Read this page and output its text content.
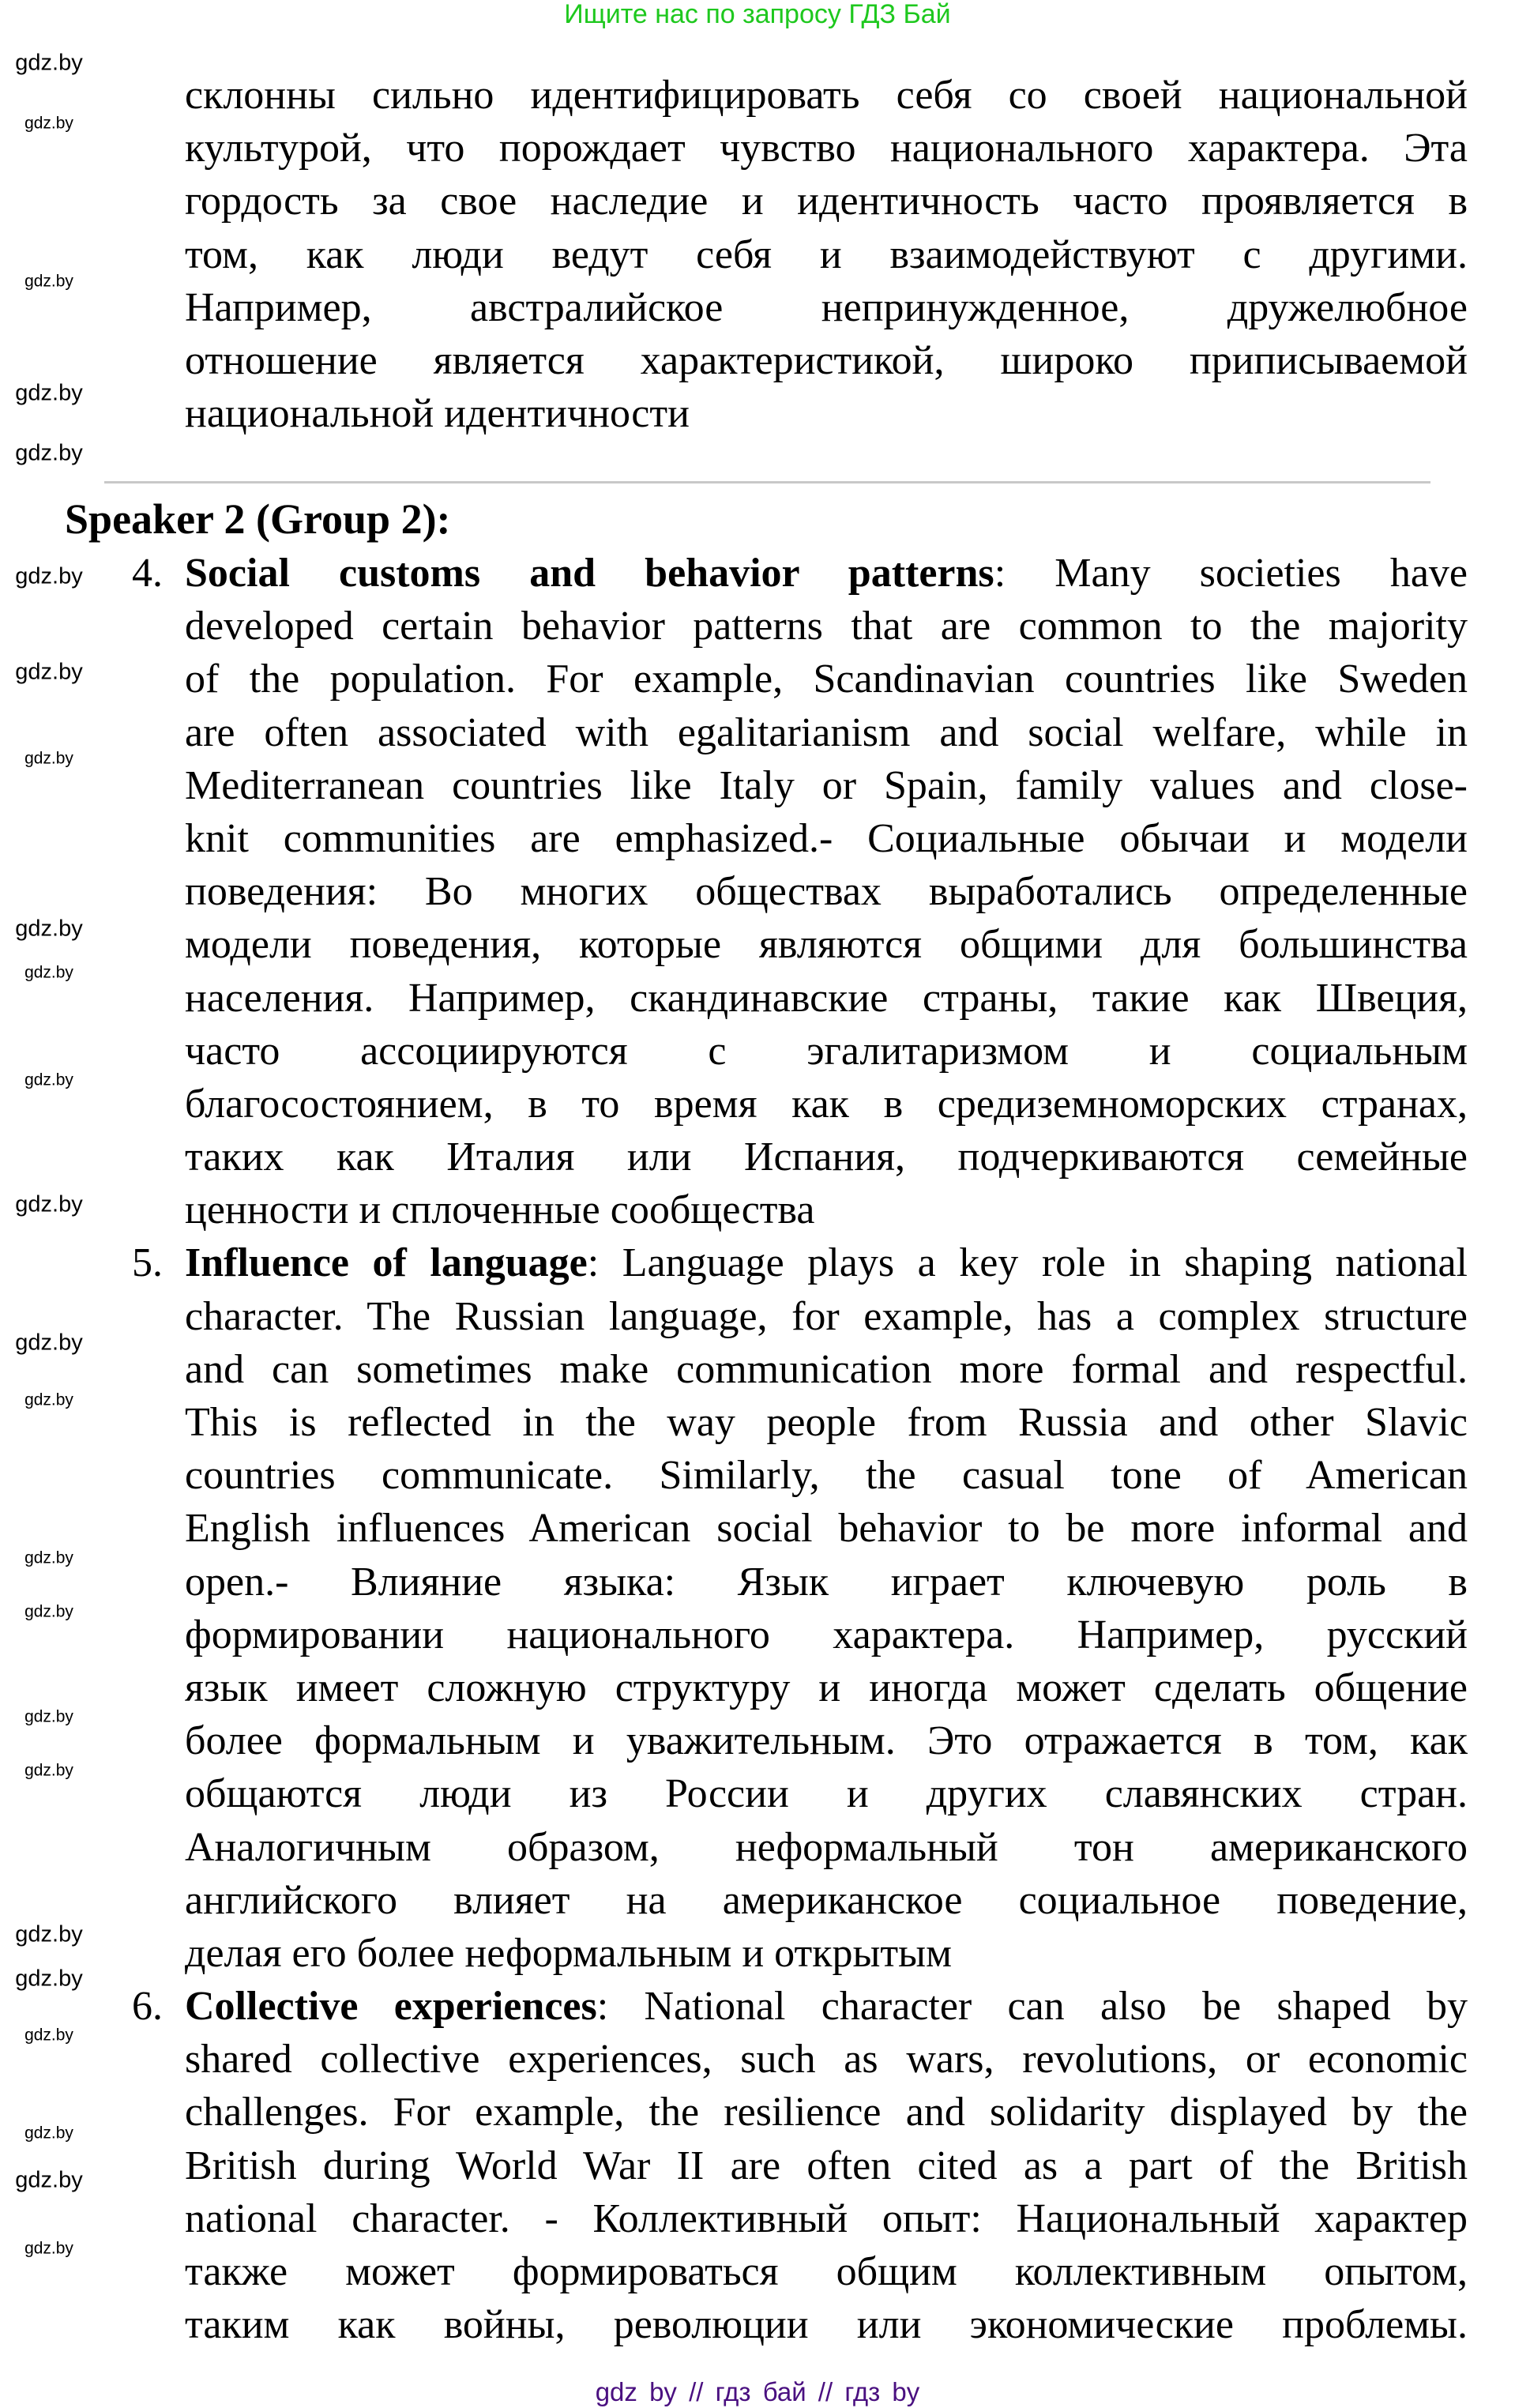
Ищите нас по запросу ГДЗ Бай
склонны сильно идентифицировать себя со своей национальной
культурой, что порождает чувство национального характера. Эта
гордость за свое наследие и идентичность часто проявляется в
том, как люди ведут себя и взаимодействуют с другими.
Например, австралийское непринужденное, дружелюбное
отношение является характеристикой, широко приписываемой
национальной идентичности
Speaker 2 (Group 2):
4. Social customs and behavior patterns: Many societies have
developed certain behavior patterns that are common to the majority
of the population. For example, Scandinavian countries like Sweden
are often associated with egalitarianism and social welfare, while in
Mediterranean countries like Italy or Spain, family values and close-
knit communities are emphasized.- Социальные обычаи и модели
поведения: Во многих обществах выработались определенные
модели поведения, которые являются общими для большинства
населения. Например, скандинавские страны, такие как Швеция,
часто ассоциируются с эгалитаризмом и социальным
благосостоянием, в то время как в средиземноморских странах,
таких как Италия или Испания, подчеркиваются семейные
ценности и сплоченные сообщества
5. Influence of language: Language plays a key role in shaping national
character. The Russian language, for example, has a complex structure
and can sometimes make communication more formal and respectful.
This is reflected in the way people from Russia and other Slavic
countries communicate. Similarly, the casual tone of American
English influences American social behavior to be more informal and
open.- Влияние языка: Язык играет ключевую роль в
формировании национального характера. Например, русский
язык имеет сложную структуру и иногда может сделать общение
более формальным и уважительным. Это отражается в том, как
общаются люди из России и других славянских стран.
Аналогичным образом, неформальный тон американского
английского влияет на американское социальное поведение,
делая его более неформальным и открытым
6. Collective experiences: National character can also be shaped by
shared collective experiences, such as wars, revolutions, or economic
challenges. For example, the resilience and solidarity displayed by the
British during World War II are often cited as a part of the British
national character. - Коллективный опыт: Национальный характер
также может формироваться общим коллективным опытом,
таким как войны, революции или экономические проблемы.
gdz by // гдз бай // гдз by
gdz.by
gdz.by
gdz.by
gdz.by
gdz.by
gdz.by
gdz.by
gdz.by
gdz.by
gdz.by
gdz.by
gdz.by
gdz.by
gdz.by
gdz.by
gdz.by
gdz.by
gdz.by
gdz.by
gdz.by
gdz.by
gdz.by
gdz.by
gdz.by
